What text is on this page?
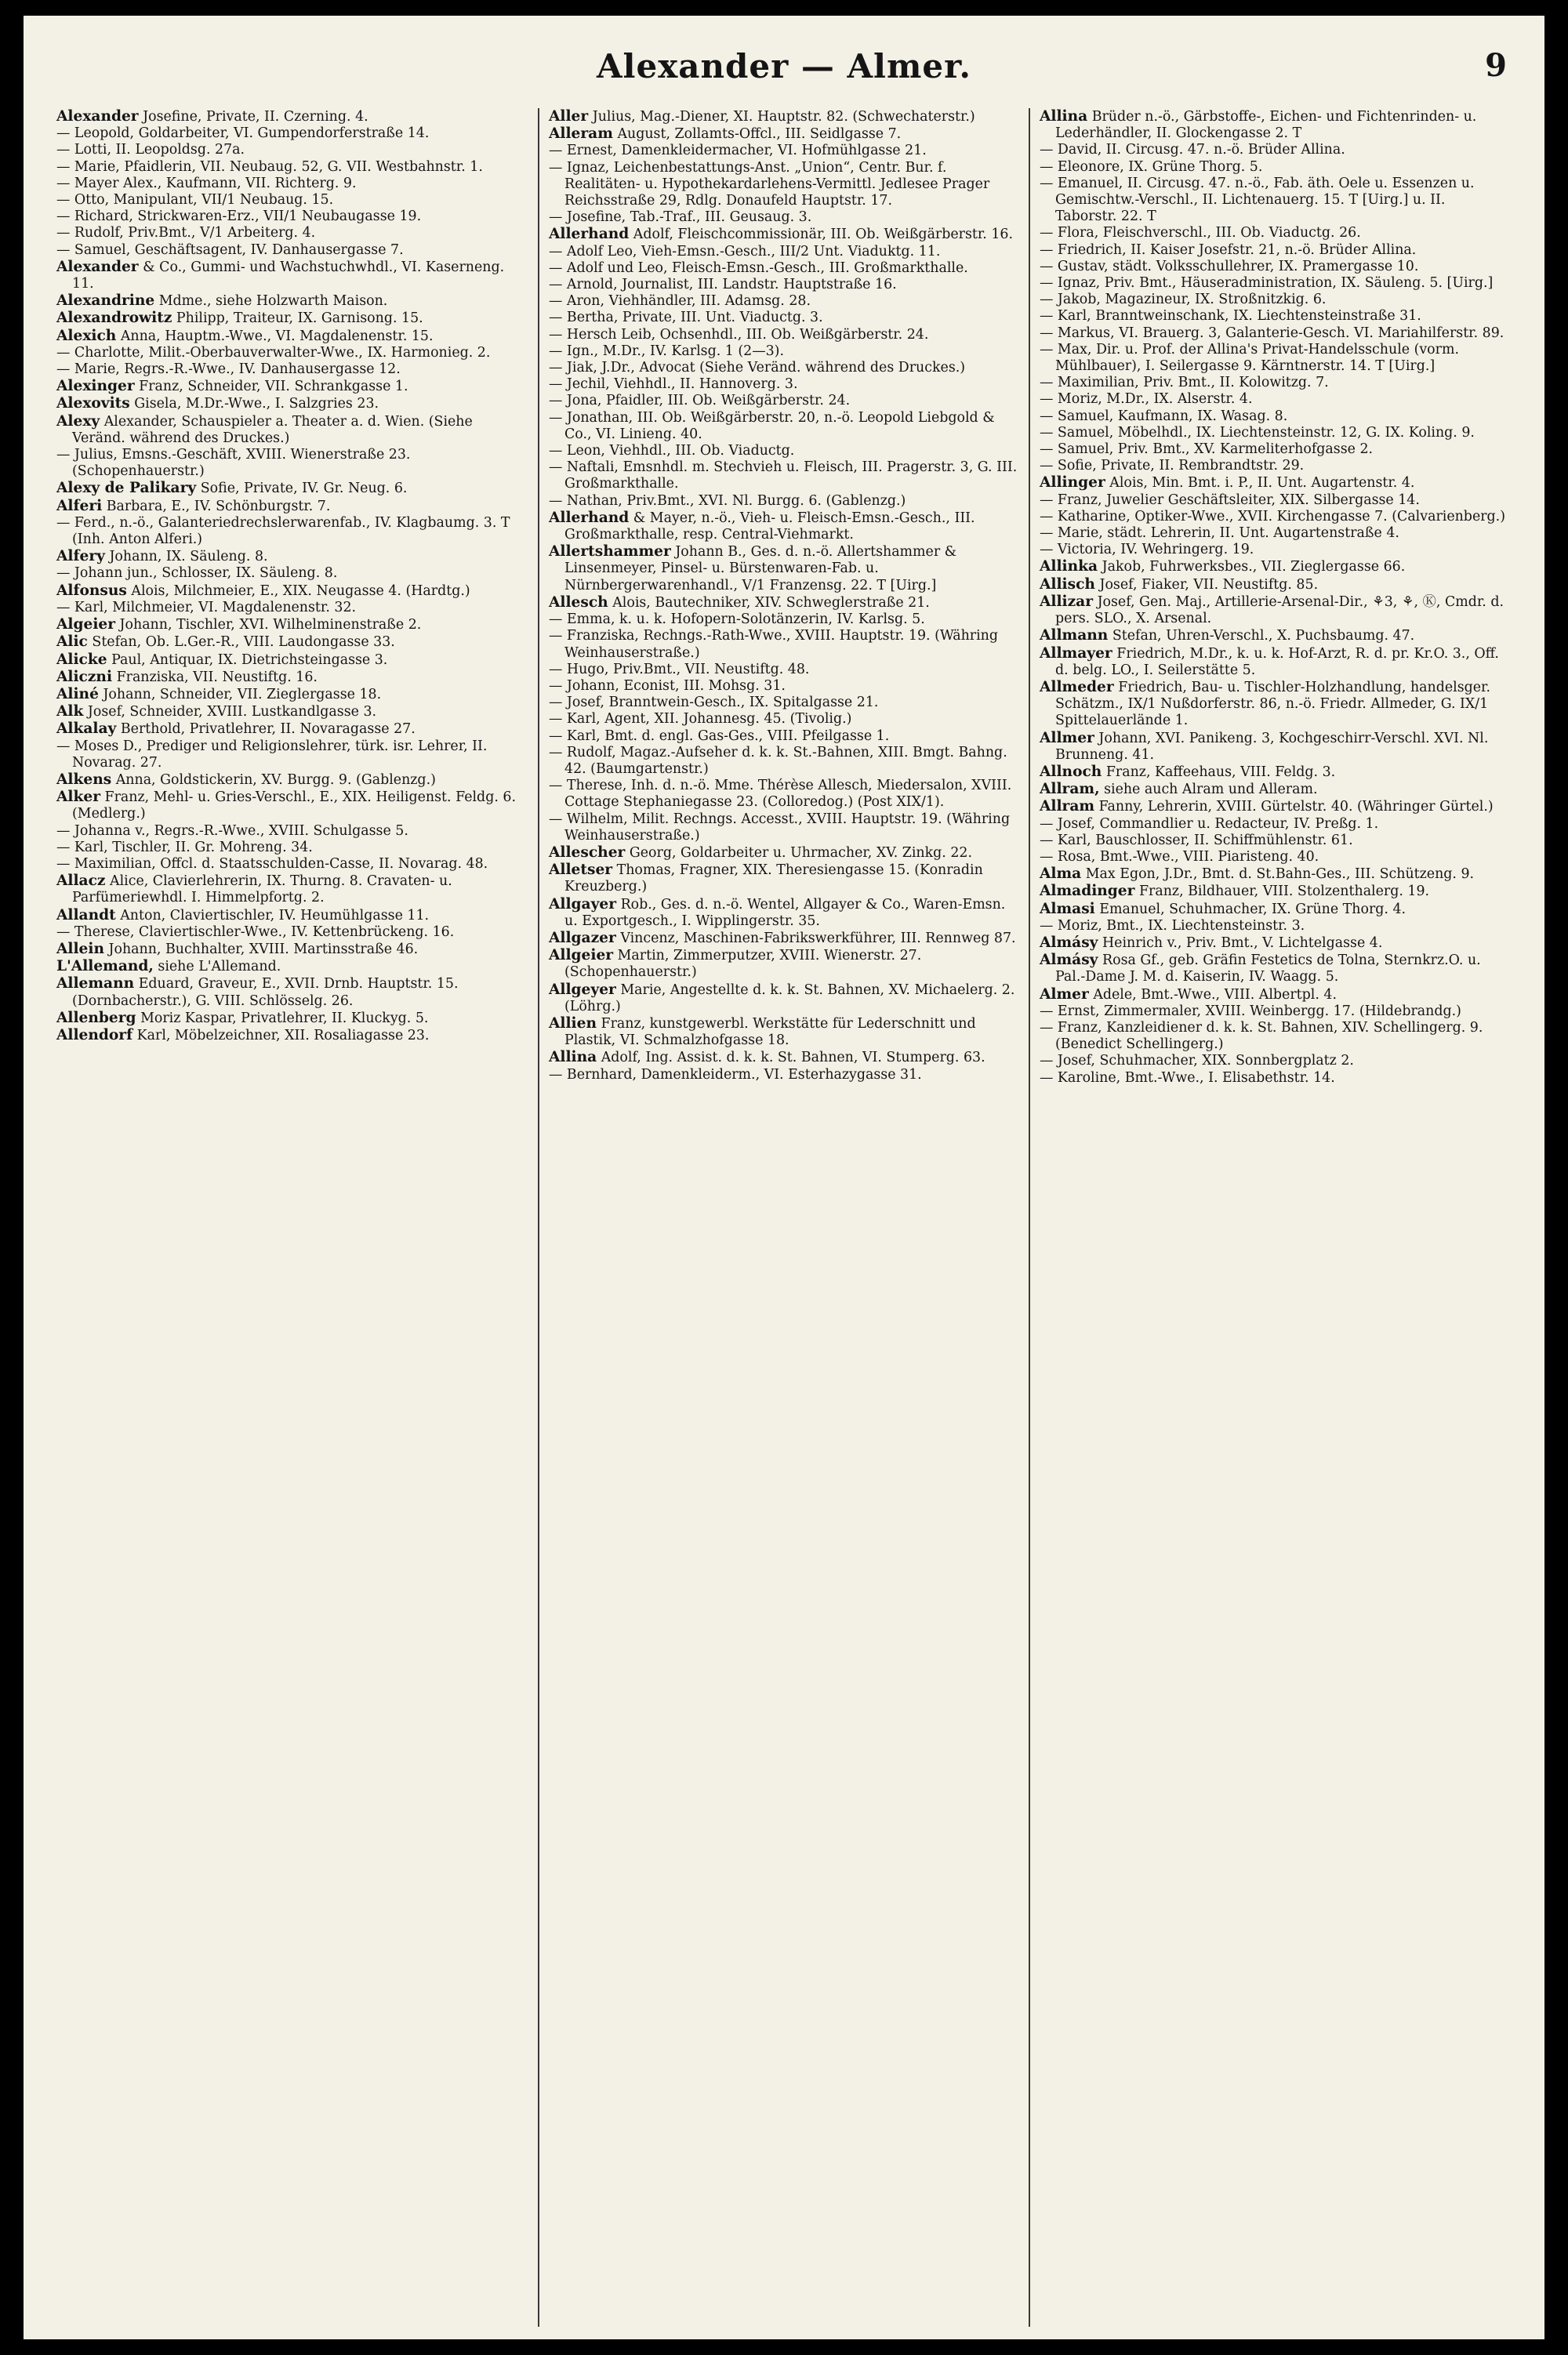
Alexander — Almer.	9

Alexander Josefine, Private, II. Czerning. 4.

— Leopold, Goldarbeiter, VI. Gumpendorferstraße 14.

— Lotti, II. Leopoldsg. 27a.

— Marie, Pfaidlerin, VII. Neubaug. 52, G. VII. Westbahnstr. 1.

— Mayer Alex., Kaufmann, VII. Richterg. 9.

— Otto, Manipulant, VII/1 Neubaug. 15.

— Richard, Strickwaren-Erz., VII/1 Neubaugasse 19.

— Rudolf, Priv.Bmt., V/1 Arbeiterg. 4.

— Samuel, Geschäftsagent, IV. Danhausergasse 7.

Alexander & Co., Gummi- und Wachstuchwhdl., VI. Kaserneng. 11.

Alexandrine Mdme., siehe Holzwarth Maison.

Alexandrowitz Philipp, Traiteur, IX. Garnisong. 15.

Alexich Anna, Hauptm.-Wwe., VI. Magdalenenstr. 15.

— Charlotte, Milit.-Oberbauverwalter-Wwe., IX. Harmonieg. 2.

— Marie, Regrs.-R.-Wwe., IV. Danhausergasse 12.

Alexinger Franz, Schneider, VII. Schrankgasse 1.

Alexovits Gisela, M.Dr.-Wwe., I. Salzgries 23.

Alexy Alexander, Schauspieler a. Theater a. d. Wien. (Siehe Veränd. während des Druckes.)

— Julius, Emsns.-Geschäft, XVIII. Wienerstraße 23. (Schopenhauerstr.)

Alexy de Palikary Sofie, Private, IV. Gr. Neug. 6.

Alferi Barbara, E., IV. Schönburgstr. 7.

— Ferd., n.-ö., Galanteriedrechslerwarenfab., IV. Klagbaumg. 3. T (Inh. Anton Alferi.)

Alfery Johann, IX. Säuleng. 8.

— Johann jun., Schlosser, IX. Säuleng. 8.

Alfonsus Alois, Milchmeier, E., XIX. Neugasse 4. (Hardtg.)

— Karl, Milchmeier, VI. Magdalenenstr. 32.

Algeier Johann, Tischler, XVI. Wilhelminenstraße 2.

Alic Stefan, Ob. L.Ger.-R., VIII. Laudongasse 33.

Alicke Paul, Antiquar, IX. Dietrichsteingasse 3.

Aliczni Franziska, VII. Neustiftg. 16.

Aliné Johann, Schneider, VII. Zieglergasse 18.

Alk Josef, Schneider, XVIII. Lustkandlgasse 3.

Alkalay Berthold, Privatlehrer, II. Novaragasse 27.

— Moses D., Prediger und Religionslehrer, türk. isr. Lehrer, II. Novarag. 27.

Alkens Anna, Goldstickerin, XV. Burgg. 9. (Gablenzg.)

Alker Franz, Mehl- u. Gries-Verschl., E., XIX. Heiligenst. Feldg. 6. (Medlerg.)

— Johanna v., Regrs.-R.-Wwe., XVIII. Schulgasse 5.

— Karl, Tischler, II. Gr. Mohreng. 34.

— Maximilian, Offcl. d. Staatsschulden-Casse, II. Novarag. 48.

Allacz Alice, Clavierlehrerin, IX. Thurng. 8. Cravaten- u. Parfümeriewhdl. I. Himmelpfortg. 2.

Allandt Anton, Claviertischler, IV. Heumühlgasse 11.

— Therese, Claviertischler-Wwe., IV. Kettenbrückeng. 16.

Allein Johann, Buchhalter, XVIII. Martinsstraße 46.

L'Allemand, siehe L'Allemand.

Allemann Eduard, Graveur, E., XVII. Drnb. Hauptstr. 15. (Dornbacherstr.), G. VIII. Schlösselg. 26.

Allenberg Moriz Kaspar, Privatlehrer, II. Kluckyg. 5.

Allendorf Karl, Möbelzeichner, XII. Rosaliagasse 23.

Aller Julius, Mag.-Diener, XI. Hauptstr. 82. (Schwechaterstr.)

Alleram August, Zollamts-Offcl., III. Seidlgasse 7.

— Ernest, Damenkleidermacher, VI. Hofmühlgasse 21.

— Ignaz, Leichenbestattungs-Anst. „Union“, Centr. Bur. f. Realitäten- u. Hypothekardarlehens-Vermittl. Jedlesee Prager Reichsstraße 29, Rdlg. Donaufeld Hauptstr. 17.

— Josefine, Tab.-Traf., III. Geusaug. 3.

Allerhand Adolf, Fleischcommissionär, III. Ob. Weißgärberstr. 16.

— Adolf Leo, Vieh-Emsn.-Gesch., III/2 Unt. Viaduktg. 11.

— Adolf und Leo, Fleisch-Emsn.-Gesch., III. Großmarkthalle.

— Arnold, Journalist, III. Landstr. Hauptstraße 16.

— Aron, Viehhändler, III. Adamsg. 28.

— Bertha, Private, III. Unt. Viaductg. 3.

— Hersch Leib, Ochsenhdl., III. Ob. Weißgärberstr. 24.

— Ign., M.Dr., IV. Karlsg. 1 (2—3).

— Jiak, J.Dr., Advocat (Siehe Veränd. während des Druckes.)

— Jechil, Viehhdl., II. Hannoverg. 3.

— Jona, Pfaidler, III. Ob. Weißgärberstr. 24.

— Jonathan, III. Ob. Weißgärberstr. 20, n.-ö. Leopold Liebgold & Co., VI. Linieng. 40.

— Leon, Viehhdl., III. Ob. Viaductg.

— Naftali, Emsnhdl. m. Stechvieh u. Fleisch, III. Pragerstr. 3, G. III. Großmarkthalle.

— Nathan, Priv.Bmt., XVI. Nl. Burgg. 6. (Gablenzg.)

Allerhand & Mayer, n.-ö., Vieh- u. Fleisch-Emsn.-Gesch., III. Großmarkthalle, resp. Central-Viehmarkt.

Allertshammer Johann B., Ges. d. n.-ö. Allertshammer & Linsenmeyer, Pinsel- u. Bürstenwaren-Fab. u. Nürnbergerwarenhandl., V/1 Franzensg. 22. T [Uirg.]

Allesch Alois, Bautechniker, XIV. Schweglerstraße 21.

— Emma, k. u. k. Hofopern-Solotänzerin, IV. Karlsg. 5.

— Franziska, Rechngs.-Rath-Wwe., XVIII. Hauptstr. 19. (Währing Weinhauserstraße.)

— Hugo, Priv.Bmt., VII. Neustiftg. 48.

— Johann, Econist, III. Mohsg. 31.

— Josef, Branntwein-Gesch., IX. Spitalgasse 21.

— Karl, Agent, XII. Johannesg. 45. (Tivolig.)

— Karl, Bmt. d. engl. Gas-Ges., VIII. Pfeilgasse 1.

— Rudolf, Magaz.-Aufseher d. k. k. St.-Bahnen, XIII. Bmgt. Bahng. 42. (Baumgartenstr.)

— Therese, Inh. d. n.-ö. Mme. Thérèse Allesch, Miedersalon, XVIII. Cottage Stephaniegasse 23. (Colloredog.) (Post XIX/1).

— Wilhelm, Milit. Rechngs. Accesst., XVIII. Hauptstr. 19. (Währing Weinhauserstraße.)

Allescher Georg, Goldarbeiter u. Uhrmacher, XV. Zinkg. 22.

Alletser Thomas, Fragner, XIX. Theresiengasse 15. (Konradin Kreuzberg.)

Allgayer Rob., Ges. d. n.-ö. Wentel, Allgayer & Co., Waren-Emsn. u. Exportgesch., I. Wipplingerstr. 35.

Allgazer Vincenz, Maschinen-Fabrikswerkführer, III. Rennweg 87.

Allgeier Martin, Zimmerputzer, XVIII. Wienerstr. 27. (Schopenhauerstr.)

Allgeyer Marie, Angestellte d. k. k. St. Bahnen, XV. Michaelerg. 2. (Löhrg.)

Allien Franz, kunstgewerbl. Werkstätte für Lederschnitt und Plastik, VI. Schmalzhofgasse 18.

Allina Adolf, Ing. Assist. d. k. k. St. Bahnen, VI. Stumperg. 63.

— Bernhard, Damenkleiderm., VI. Esterhazygasse 31.

Allina Brüder n.-ö., Gärbstoffe-, Eichen- und Fichtenrinden- u. Lederhändler, II. Glockengasse 2. T

— David, II. Circusg. 47. n.-ö. Brüder Allina.

— Eleonore, IX. Grüne Thorg. 5.

— Emanuel, II. Circusg. 47. n.-ö., Fab. äth. Oele u. Essenzen u. Gemischtw.-Verschl., II. Lichtenauerg. 15. T [Uirg.] u. II. Taborstr. 22. T

— Flora, Fleischverschl., III. Ob. Viaductg. 26.

— Friedrich, II. Kaiser Josefstr. 21, n.-ö. Brüder Allina.

— Gustav, städt. Volksschullehrer, IX. Pramergasse 10.

— Ignaz, Priv. Bmt., Häuseradministration, IX. Säuleng. 5. [Uirg.]

— Jakob, Magazineur, IX. Stroßnitzkig. 6.

— Karl, Branntweinschank, IX. Liechtensteinstraße 31.

— Markus, VI. Brauerg. 3, Galanterie-Gesch. VI. Mariahilferstr. 89.

— Max, Dir. u. Prof. der Allina's Privat-Handelsschule (vorm. Mühlbauer), I. Seilergasse 9. Kärntnerstr. 14. T [Uirg.]

— Maximilian, Priv. Bmt., II. Kolowitzg. 7.

— Moriz, M.Dr., IX. Alserstr. 4.

— Samuel, Kaufmann, IX. Wasag. 8.

— Samuel, Möbelhdl., IX. Liechtensteinstr. 12, G. IX. Koling. 9.

— Samuel, Priv. Bmt., XV. Karmeliterhofgasse 2.

— Sofie, Private, II. Rembrandtstr. 29.

Allinger Alois, Min. Bmt. i. P., II. Unt. Augartenstr. 4.

— Franz, Juwelier Geschäftsleiter, XIX. Silbergasse 14.

— Katharine, Optiker-Wwe., XVII. Kirchengasse 7. (Calvarienberg.)

— Marie, städt. Lehrerin, II. Unt. Augartenstraße 4.

— Victoria, IV. Wehringerg. 19.

Allinka Jakob, Fuhrwerksbes., VII. Zieglergasse 66.

Allisch Josef, Fiaker, VII. Neustiftg. 85.

Allizar Josef, Gen. Maj., Artillerie-Arsenal-Dir., ⚘3, ⚘, Ⓚ, Cmdr. d. pers. SLO., X. Arsenal.

Allmann Stefan, Uhren-Verschl., X. Puchsbaumg. 47.

Allmayer Friedrich, M.Dr., k. u. k. Hof-Arzt, R. d. pr. Kr.O. 3., Off. d. belg. LO., I. Seilerstätte 5.

Allmeder Friedrich, Bau- u. Tischler-Holzhandlung, handelsger. Schätzm., IX/1 Nußdorferstr. 86, n.-ö. Friedr. Allmeder, G. IX/1 Spittelauerlände 1.

Allmer Johann, XVI. Panikeng. 3, Kochgeschirr-Verschl. XVI. Nl. Brunneng. 41.

Allnoch Franz, Kaffeehaus, VIII. Feldg. 3.

Allram, siehe auch Alram und Alleram.

Allram Fanny, Lehrerin, XVIII. Gürtelstr. 40. (Währinger Gürtel.)

— Josef, Commandlier u. Redacteur, IV. Preßg. 1.

— Karl, Bauschlosser, II. Schiffmühlenstr. 61.

— Rosa, Bmt.-Wwe., VIII. Piaristeng. 40.

Alma Max Egon, J.Dr., Bmt. d. St.Bahn-Ges., III. Schützeng. 9.

Almadinger Franz, Bildhauer, VIII. Stolzenthalerg. 19.

Almasi Emanuel, Schuhmacher, IX. Grüne Thorg. 4.

— Moriz, Bmt., IX. Liechtensteinstr. 3.

Almásy Heinrich v., Priv. Bmt., V. Lichtelgasse 4.

Almásy Rosa Gf., geb. Gräfin Festetics de Tolna, Sternkrz.O. u. Pal.-Dame J. M. d. Kaiserin, IV. Waagg. 5.

Almer Adele, Bmt.-Wwe., VIII. Albertpl. 4.

— Ernst, Zimmermaler, XVIII. Weinbergg. 17. (Hildebrandg.)

— Franz, Kanzleidiener d. k. k. St. Bahnen, XIV. Schellingerg. 9. (Benedict Schellingerg.)

— Josef, Schuhmacher, XIX. Sonnbergplatz 2.

— Karoline, Bmt.-Wwe., I. Elisabethstr. 14.
